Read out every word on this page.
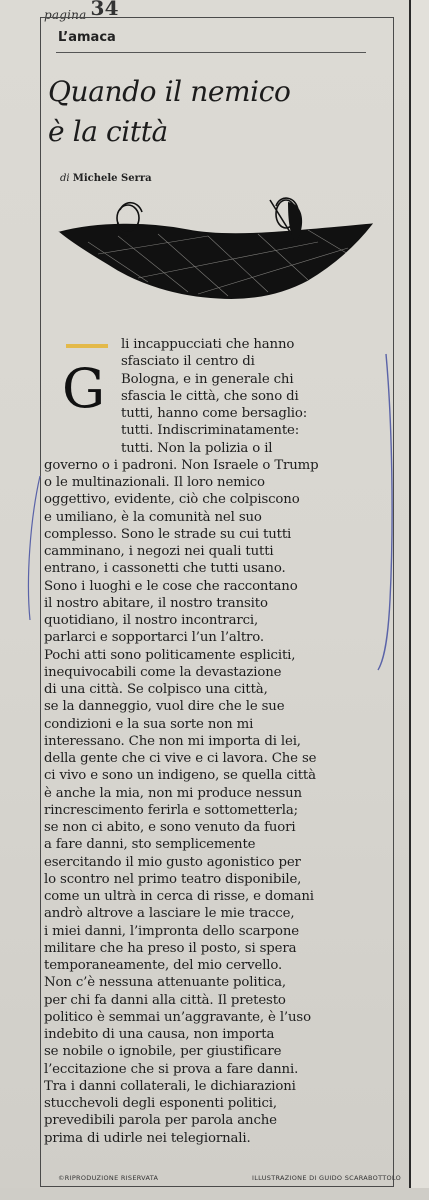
pagina 34
L’amaca
Quando il nemico
è la città
di Michele Serra
G
li incappucciati che hanno
sfasciato il centro di
Bologna, e in generale chi
sfascia le città, che sono di
tutti, hanno come bersaglio:
tutti. Indiscriminatamente:
tutti. Non la polizia o il
governo o i padroni. Non Israele o Trump
o le multinazionali. Il loro nemico
oggettivo, evidente, ciò che colpiscono
e umiliano, è la comunità nel suo
complesso. Sono le strade su cui tutti
camminano, i negozi nei quali tutti
entrano, i cassonetti che tutti usano.
Sono i luoghi e le cose che raccontano
il nostro abitare, il nostro transito
quotidiano, il nostro incontrarci,
parlarci e sopportarci l’un l’altro.
Pochi atti sono politicamente espliciti,
inequivocabili come la devastazione
di una città. Se colpisco una città,
se la danneggio, vuol dire che le sue
condizioni e la sua sorte non mi
interessano. Che non mi importa di lei,
della gente che ci vive e ci lavora. Che se
ci vivo e sono un indigeno, se quella città
è anche la mia, non mi produce nessun
rincrescimento ferirla e sottometterla;
se non ci abito, e sono venuto da fuori
a fare danni, sto semplicemente
esercitando il mio gusto agonistico per
lo scontro nel primo teatro disponibile,
come un ultrà in cerca di risse, e domani
andrò altrove a lasciare le mie tracce,
i miei danni, l’impronta dello scarpone
militare che ha preso il posto, si spera
temporaneamente, del mio cervello.
Non c’è nessuna attenuante politica,
per chi fa danni alla città. Il pretesto
politico è semmai un’aggravante, è l’uso
indebito di una causa, non importa
se nobile o ignobile, per giustificare
l’eccitazione che si prova a fare danni.
Tra i danni collaterali, le dichiarazioni
stucchevoli degli esponenti politici,
prevedibili parola per parola anche
prima di udirle nei telegiornali.
©RIPRODUZIONE RISERVATA	ILLUSTRAZIONE DI GUIDO SCARABOTTOLO
